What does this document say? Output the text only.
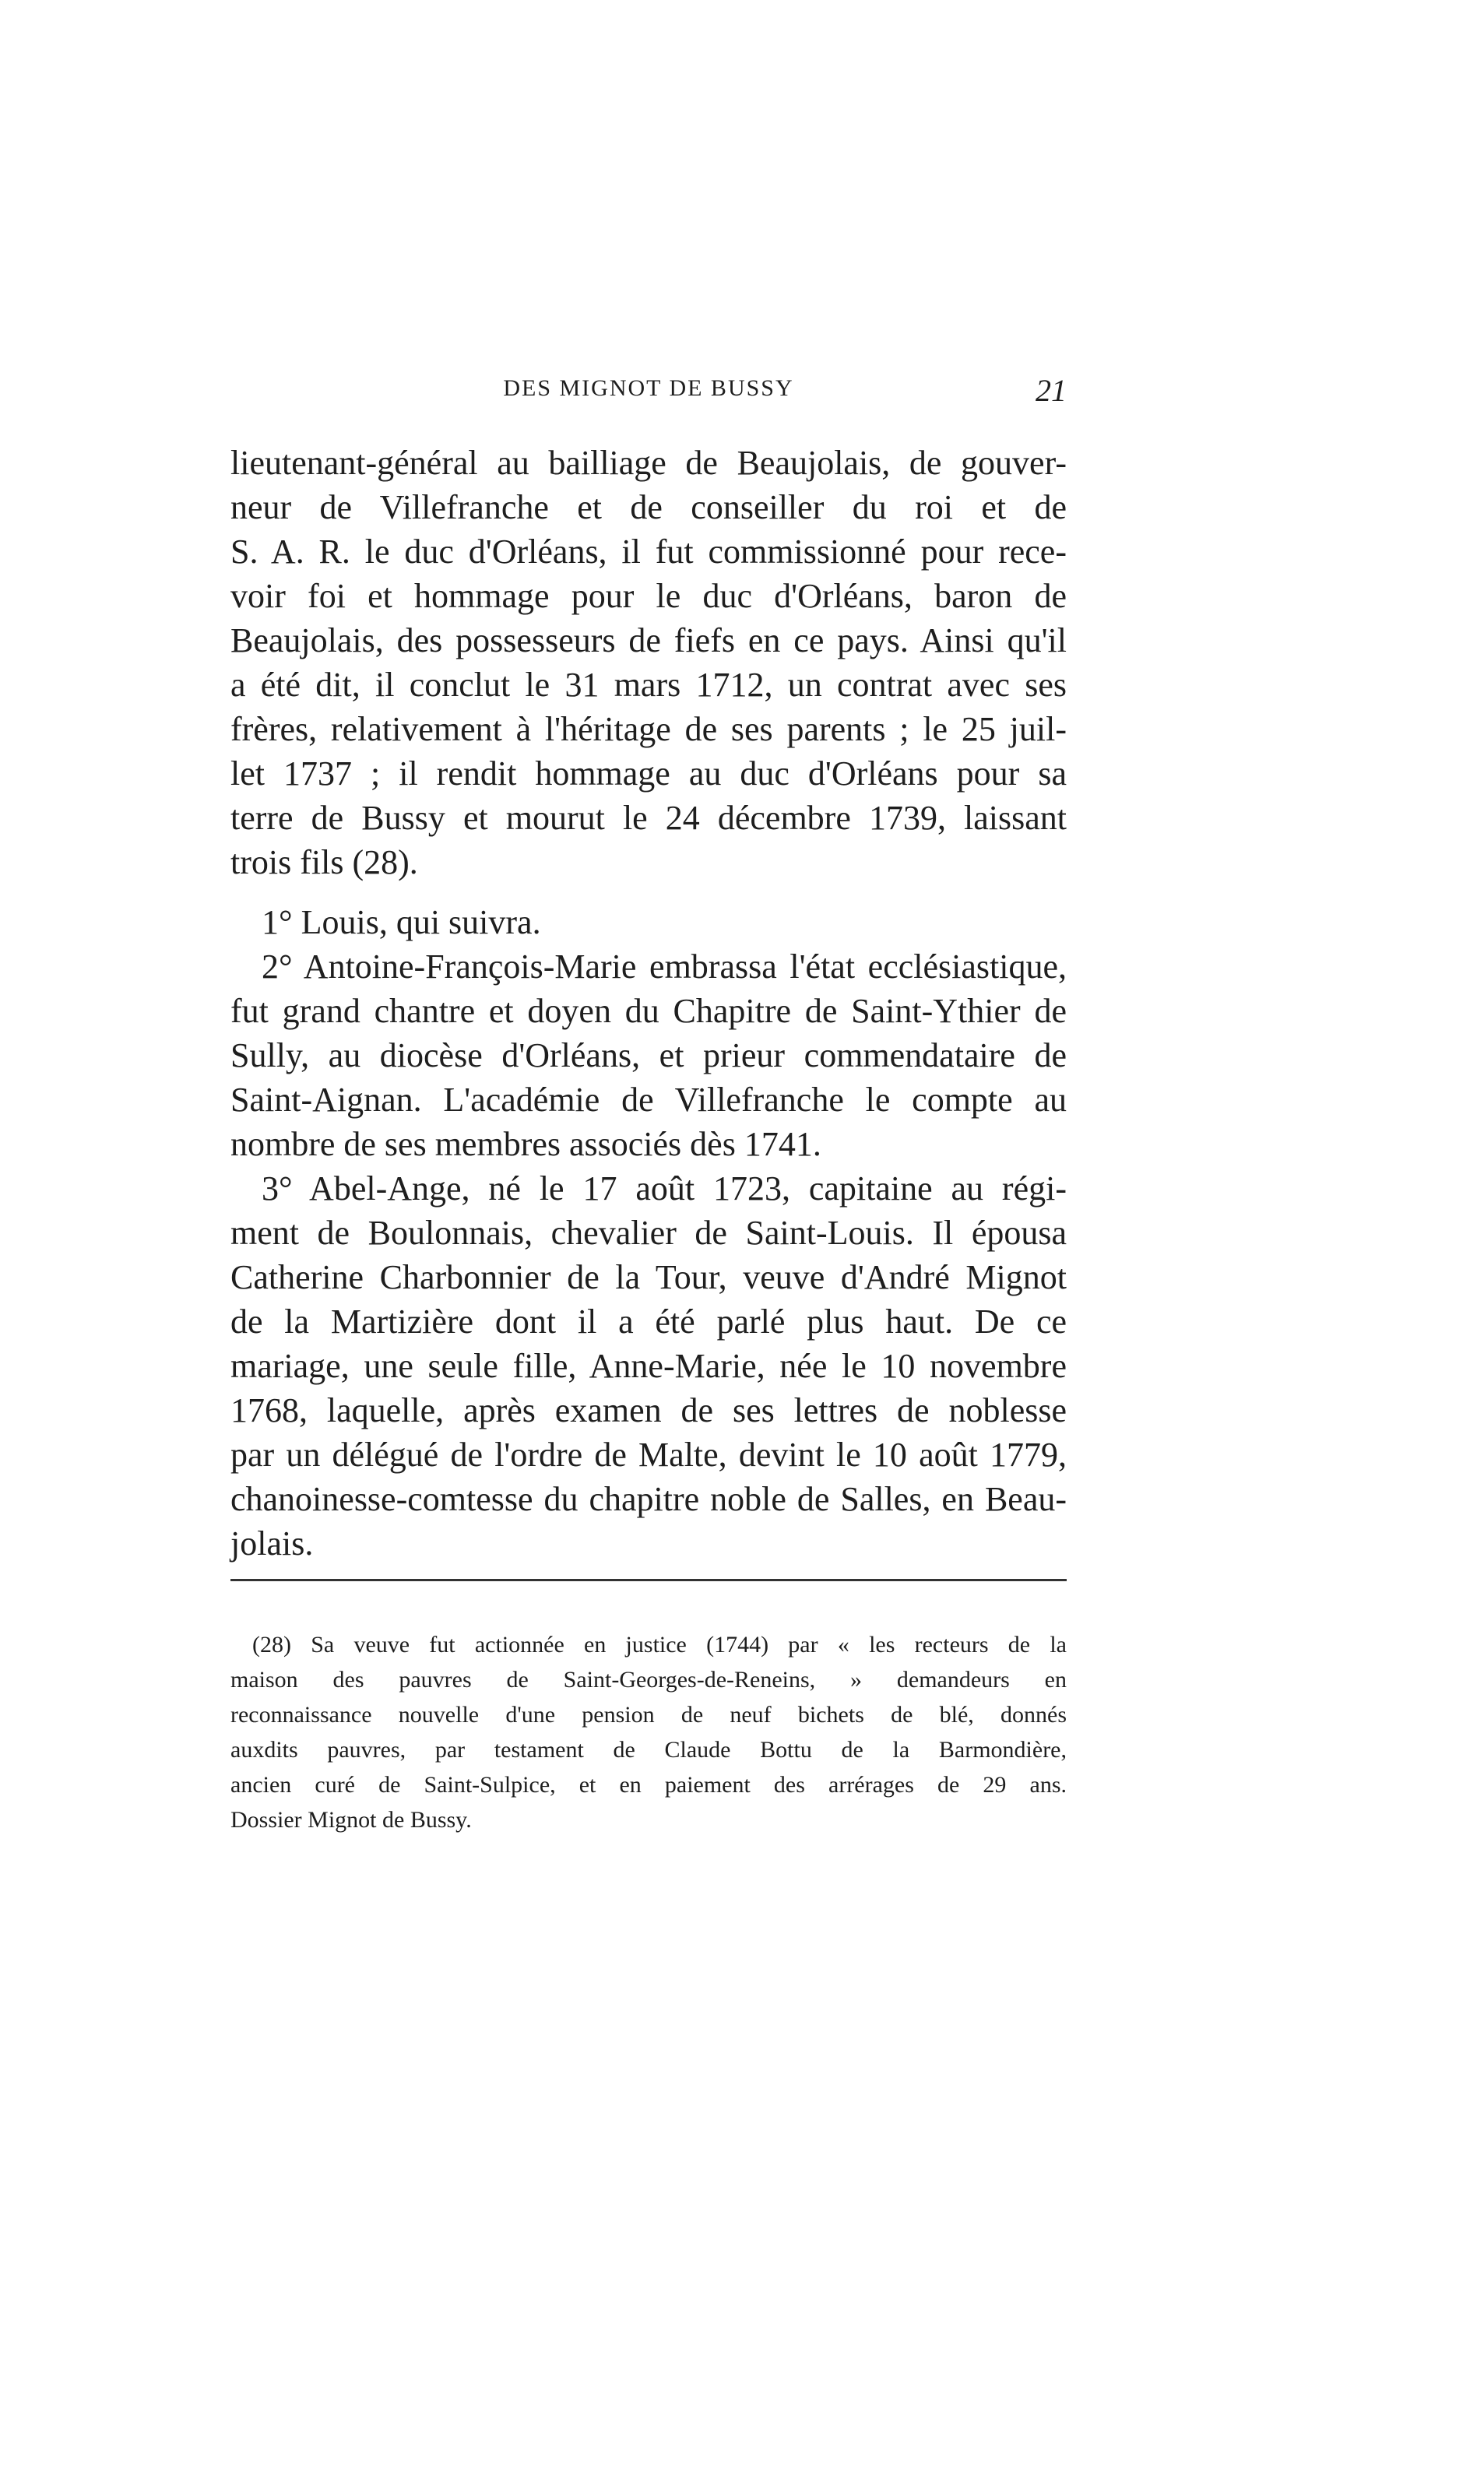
DES MIGNOT DE BUSSY	21
lieutenant-général au bailliage de Beaujolais, de gouver-
neur de Villefranche et de conseiller du roi et de
S. A. R. le duc d'Orléans, il fut commissionné pour rece-
voir foi et hommage pour le duc d'Orléans, baron de
Beaujolais, des possesseurs de fiefs en ce pays. Ainsi qu'il
a été dit, il conclut le 31 mars 1712, un contrat avec ses
frères, relativement à l'héritage de ses parents ; le 25 juil-
let 1737 ; il rendit hommage au duc d'Orléans pour sa
terre de Bussy et mourut le 24 décembre 1739, laissant
trois fils (28).
1° Louis, qui suivra.
2° Antoine-François-Marie embrassa l'état ecclésiastique,
fut grand chantre et doyen du Chapitre de Saint-Ythier de
Sully, au diocèse d'Orléans, et prieur commendataire de
Saint-Aignan. L'académie de Villefranche le compte au
nombre de ses membres associés dès 1741.
3° Abel-Ange, né le 17 août 1723, capitaine au régi-
ment de Boulonnais, chevalier de Saint-Louis. Il épousa
Catherine Charbonnier de la Tour, veuve d'André Mignot
de la Martizière dont il a été parlé plus haut. De ce
mariage, une seule fille, Anne-Marie, née le 10 novembre
1768, laquelle, après examen de ses lettres de noblesse
par un délégué de l'ordre de Malte, devint le 10 août 1779,
chanoinesse-comtesse du chapitre noble de Salles, en Beau-
jolais.
(28) Sa veuve fut actionnée en justice (1744) par « les recteurs de la
maison des pauvres de Saint-Georges-de-Reneins, » demandeurs en
reconnaissance nouvelle d'une pension de neuf bichets de blé, donnés
auxdits pauvres, par testament de Claude Bottu de la Barmondière,
ancien curé de Saint-Sulpice, et en paiement des arrérages de 29 ans.
Dossier Mignot de Bussy.
